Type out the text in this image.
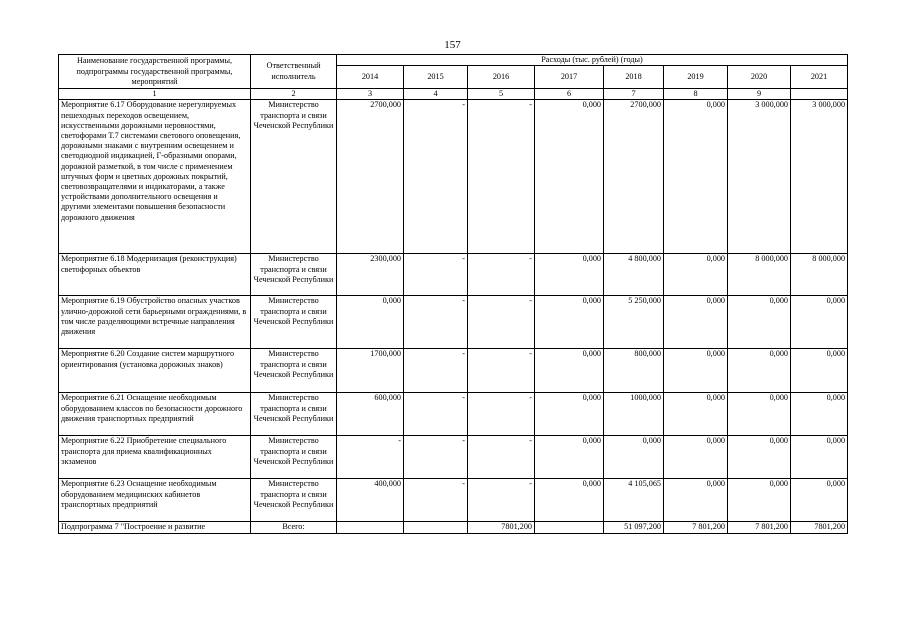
157
Наименование государственной программы, подпрограммы государственной программы, мероприятий	Ответственный исполнитель	Расходы (тыс. рублей) (годы)							
		2014	2015	2016	2017	2018	2019	2020	2021
1	2	3	4	5	6	7	8	9	
Мероприятие 6.17 Оборудование нерегулируемых пешеходных переходов освещением, искусственными дорожными неровностями, светофорами Т.7 системами светового оповещения, дорожными знаками с внутренним освещением и светодиодной индикацией, Г-образными опорами, дорожной разметкой, в том числе с применением штучных форм и цветных дорожных покрытий, световозвращателями и индикаторами, а также устройствами дополнительного освещения и другими элементами повышения безопасности дорожного движения	Министерство транспорта и связи Чеченской Республики	2700,000	-	-	0,000	2700,000	0,000	3 000,000	3 000,000
Мероприятие 6.18 Модернизация (реконструкция) светофорных объектов	Министерство транспорта и связи Чеченской Республики	2300,000	-	-	0,000	4 800,000	0,000	8 000,000	8 000,000
Мероприятие 6.19 Обустройство опасных участков улично-дорожной сети барьерными ограждениями, в том числе разделяющими встречные направления движения	Министерство транспорта и связи Чеченской Республики	0,000	-	-	0,000	5 250,000	0,000	0,000	0,000
Мероприятие 6.20 Создание систем маршрутного ориентирования (установка дорожных знаков)	Министерство транспорта и связи Чеченской Республики	1700,000	-	-	0,000	800,000	0,000	0,000	0,000
Мероприятие 6.21 Оснащение необходимым оборудованием классов по безопасности дорожного движения транспортных предприятий	Министерство транспорта и связи Чеченской Республики	600,000	-	-	0,000	1000,000	0,000	0,000	0,000
Мероприятие 6.22 Приобретение специального транспорта для приема квалификационных экзаменов	Министерство транспорта и связи Чеченской Республики	-	-	-	0,000	0,000	0,000	0,000	0,000
Мероприятие 6.23 Оснащение необходимым оборудованием медицинских кабинетов транспортных предприятий	Министерство транспорта и связи Чеченской Республики	400,000	-	-	0,000	4 105,065	0,000	0,000	0,000
Подпрограмма 7 "Построение и развитие	Всего:			7801,200		51 097,200	7 801,200	7 801,200	7801,200
